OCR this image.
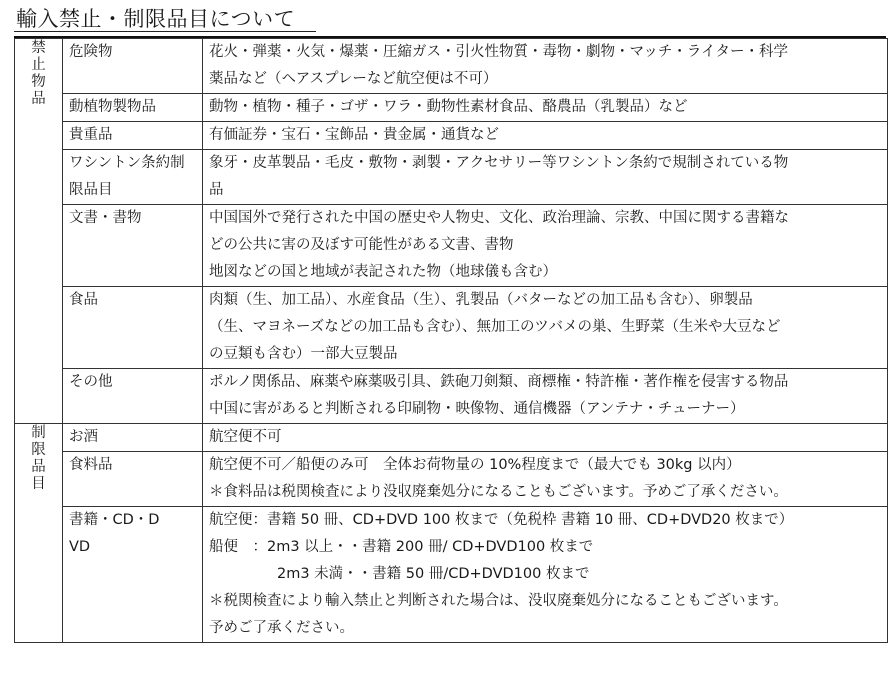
輸入禁止・制限品目について
禁止物品	危険物	花火・弾薬・火気・爆薬・圧縮ガス・引火性物質・毒物・劇物・マッチ・ライター・科学
薬品など（ヘアスプレーなど航空便は不可）

	動植物製物品	動物・植物・種子・ゴザ・ワラ・動物性素材食品、酪農品（乳製品）など

	貴重品	有価証券・宝石・宝飾品・貴金属・通貨など

	ワシントン条約制限品目	象牙・皮革製品・毛皮・敷物・剥製・アクセサリー等ワシントン条約で規制されている物
品

	文書・書物	中国国外で発行された中国の歴史や人物史、文化、政治理論、宗教、中国に関する書籍な
どの公共に害の及ぼす可能性がある文書、書物
地図などの国と地域が表記された物（地球儀も含む）

	食品	肉類（生、加工品）、水産食品（生）、乳製品（バターなどの加工品も含む）、卵製品
（生、マヨネーズなどの加工品も含む）、無加工のツバメの巣、生野菜（生米や大豆など
の豆類も含む）一部大豆製品

	その他	ポルノ関係品、麻薬や麻薬吸引具、鉄砲刀剣類、商標権・特許権・著作権を侵害する物品
中国に害があると判断される印刷物・映像物、通信機器（アンテナ・チューナー）

制限品目	お酒	航空便不可

	食料品	航空便不可／船便のみ可　全体お荷物量の 10%程度まで（最大でも 30kg 以内）
＊食料品は税関検査により没収廃棄処分になることもございます。予めご了承ください。

	書籍・CD・DVD	航空便：書籍 50 冊、CD+DVD 100 枚まで（免税枠 書籍 10 冊、CD+DVD20 枚まで）
船便　：2m3 以上・・書籍 200 冊/ CD+DVD100 枚まで
2m3 未満・・書籍 50 冊/CD+DVD100 枚まで
＊税関検査により輸入禁止と判断された場合は、没収廃棄処分になることもございます。
予めご了承ください。
